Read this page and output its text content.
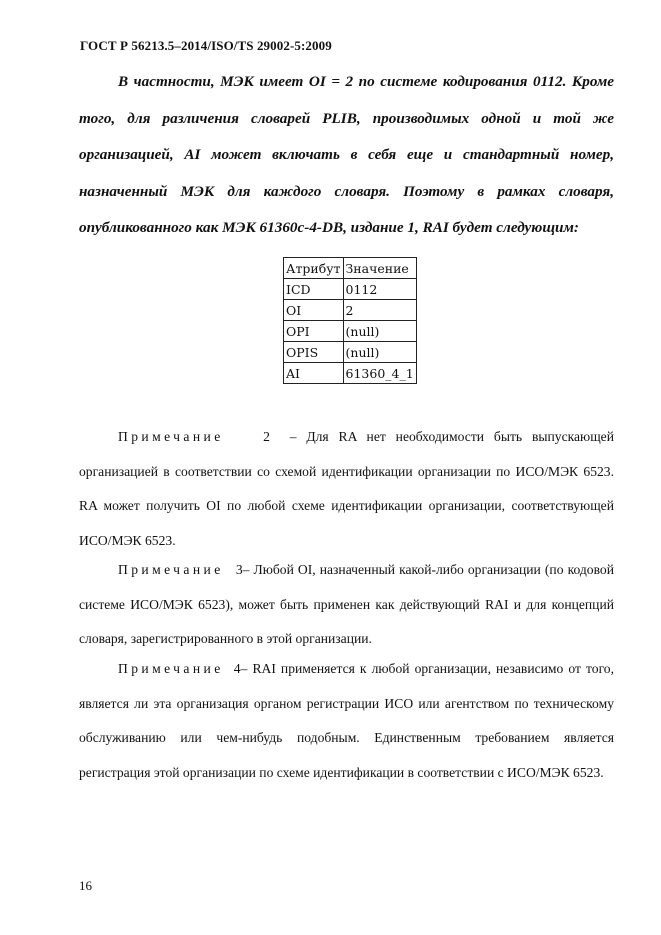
ГОСТ Р 56213.5–2014/ISO/TS 29002-5:2009

В частности, МЭК имеет OI = 2 по системе кодирования 0112. Кроме того, для различения словарей PLIB, производимых одной и той же организацией, AI может включать в себя еще и стандартный номер, назначенный МЭК для каждого словаря. Поэтому в рамках словаря, опубликованного как МЭК 61360c-4-DB, издание 1, RAI будет следующим:

Атрибут	Значение
ICD	0112
OI	2
OPI	(null)
OPIS	(null)
AI	61360_4_1

Примечание	2 – Для RA нет необходимости быть выпускающей организацией в соответствии со схемой идентификации организации по ИСО/МЭК 6523. RA может получить OI по любой схеме идентификации организации, соответствующей ИСО/МЭК 6523.

Примечание 3– Любой OI, назначенный какой-либо организации (по кодовой системе ИСО/МЭК 6523), может быть применен как действующий RAI и для концепций словаря, зарегистрированного в этой организации.

Примечание 4– RAI применяется к любой организации, независимо от того, является ли эта организация органом регистрации ИСО или агентством по техническому обслуживанию или чем-нибудь подобным. Единственным требованием является регистрация этой организации по схеме идентификации в соответствии с ИСО/МЭК 6523.

16
